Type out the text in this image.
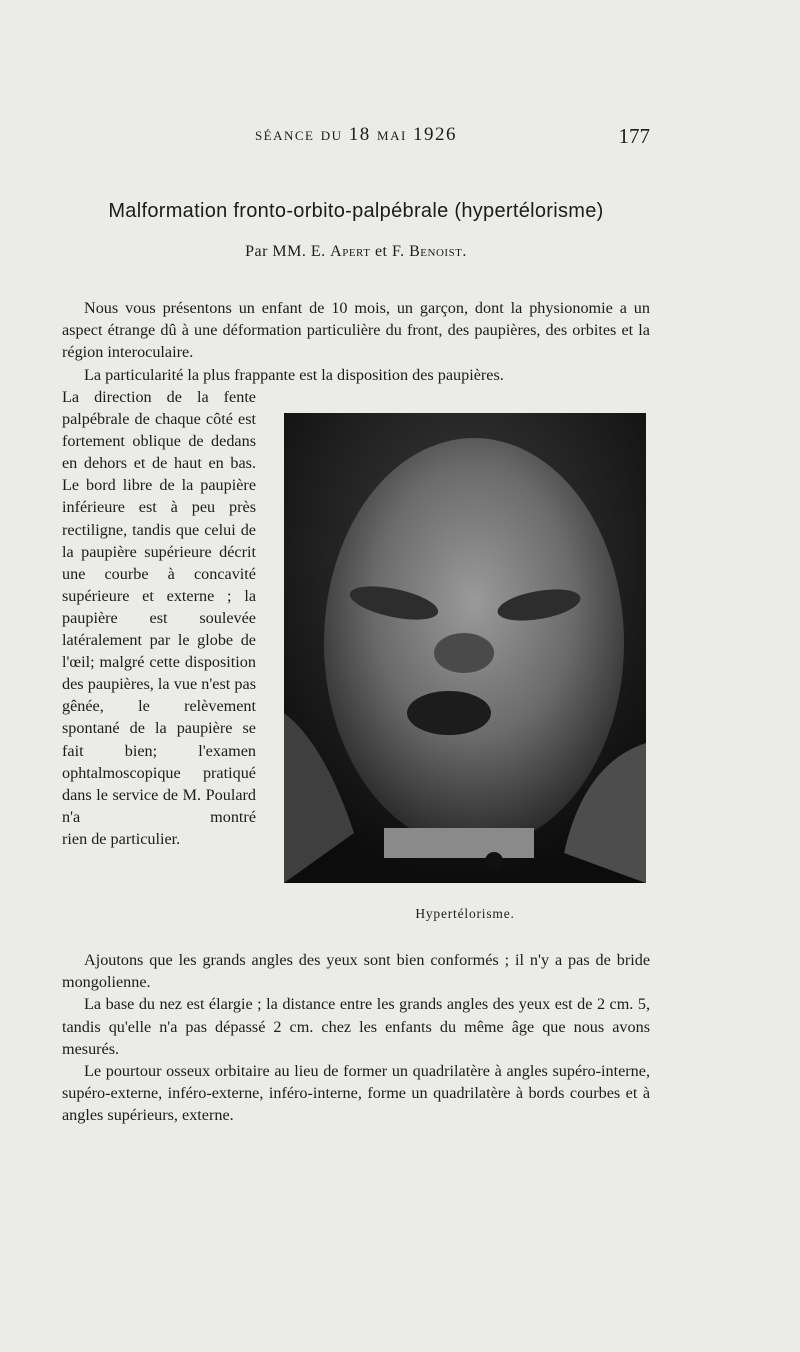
séance du 18 mai 1926	177
Malformation fronto-orbito-palpébrale (hypertélorisme)
Par MM. E. Apert et F. Benoist.

Nous vous présentons un enfant de 10 mois, un garçon, dont la physionomie a un aspect étrange dû à une déformation particulière du front, des paupières, des orbites et la région interoculaire.

La particularité la plus frappante est la disposition des paupières.

La direction de la fente palpébrale de chaque côté est fortement oblique de dedans en dehors et de haut en bas. Le bord libre de la paupière inférieure est à peu près rectiligne, tandis que celui de la paupière supérieure décrit une courbe à concavité supérieure et externe ; la paupière est soulevée latéralement par le globe de l'œil; malgré cette disposition des paupières, la vue n'est pas gênée, le relèvement spontané de la paupière se fait bien; l'examen ophtalmoscopique pratiqué dans le service de M. Poulard n'a montré
rien de particulier.
Hypertélorisme.

Ajoutons que les grands angles des yeux sont bien conformés ; il n'y a pas de bride mongolienne.

La base du nez est élargie ; la distance entre les grands angles des yeux est de 2 cm. 5, tandis qu'elle n'a pas dépassé 2 cm. chez les enfants du même âge que nous avons mesurés.

Le pourtour osseux orbitaire au lieu de former un quadrilatère à angles supéro-interne, supéro-externe, inféro-externe, inféro-interne, forme un quadrilatère à bords courbes et à angles supérieurs, externe.
